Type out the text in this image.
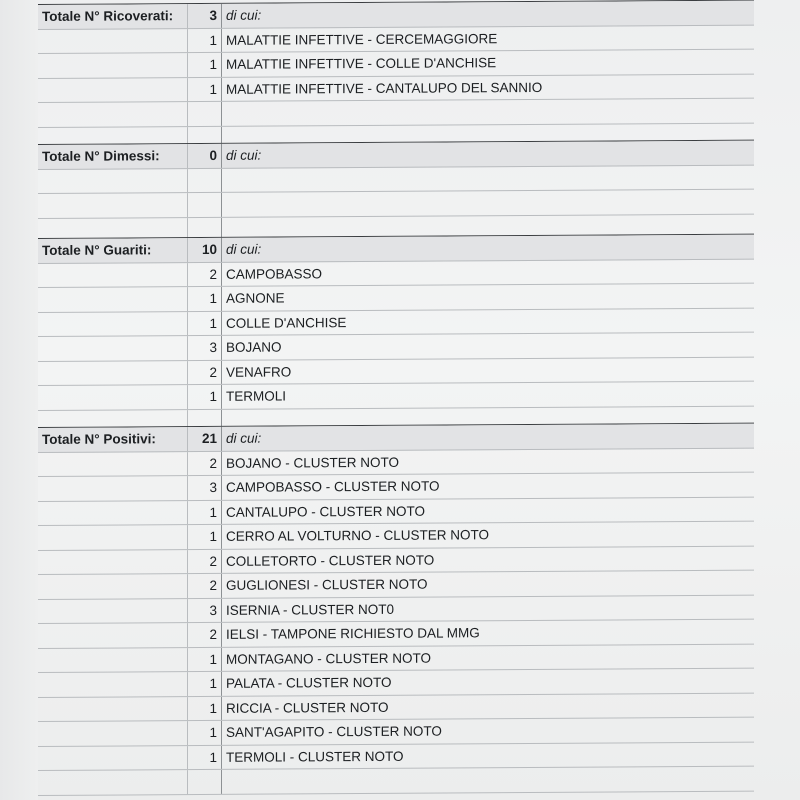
Totale N° Ricoverati:	3 di cui:
1 MALATTIE INFETTIVE - CERCEMAGGIORE
1 MALATTIE INFETTIVE - COLLE D'ANCHISE
1 MALATTIE INFETTIVE - CANTALUPO DEL SANNIO
Totale N° Dimessi:	0 di cui:
Totale N° Guariti:	10 di cui:
2 CAMPOBASSO
1 AGNONE
1 COLLE D'ANCHISE
3 BOJANO
2 VENAFRO
1 TERMOLI
Totale N° Positivi:	21 di cui:
2 BOJANO - CLUSTER NOTO
3 CAMPOBASSO - CLUSTER NOTO
1 CANTALUPO - CLUSTER NOTO
1 CERRO AL VOLTURNO - CLUSTER NOTO
2 COLLETORTO - CLUSTER NOTO
2 GUGLIONESI - CLUSTER NOTO
3 ISERNIA - CLUSTER NOT0
2 IELSI - TAMPONE RICHIESTO DAL MMG
1 MONTAGANO - CLUSTER NOTO
1 PALATA - CLUSTER NOTO
1 RICCIA - CLUSTER NOTO
1 SANT'AGAPITO - CLUSTER NOTO
1 TERMOLI - CLUSTER NOTO
